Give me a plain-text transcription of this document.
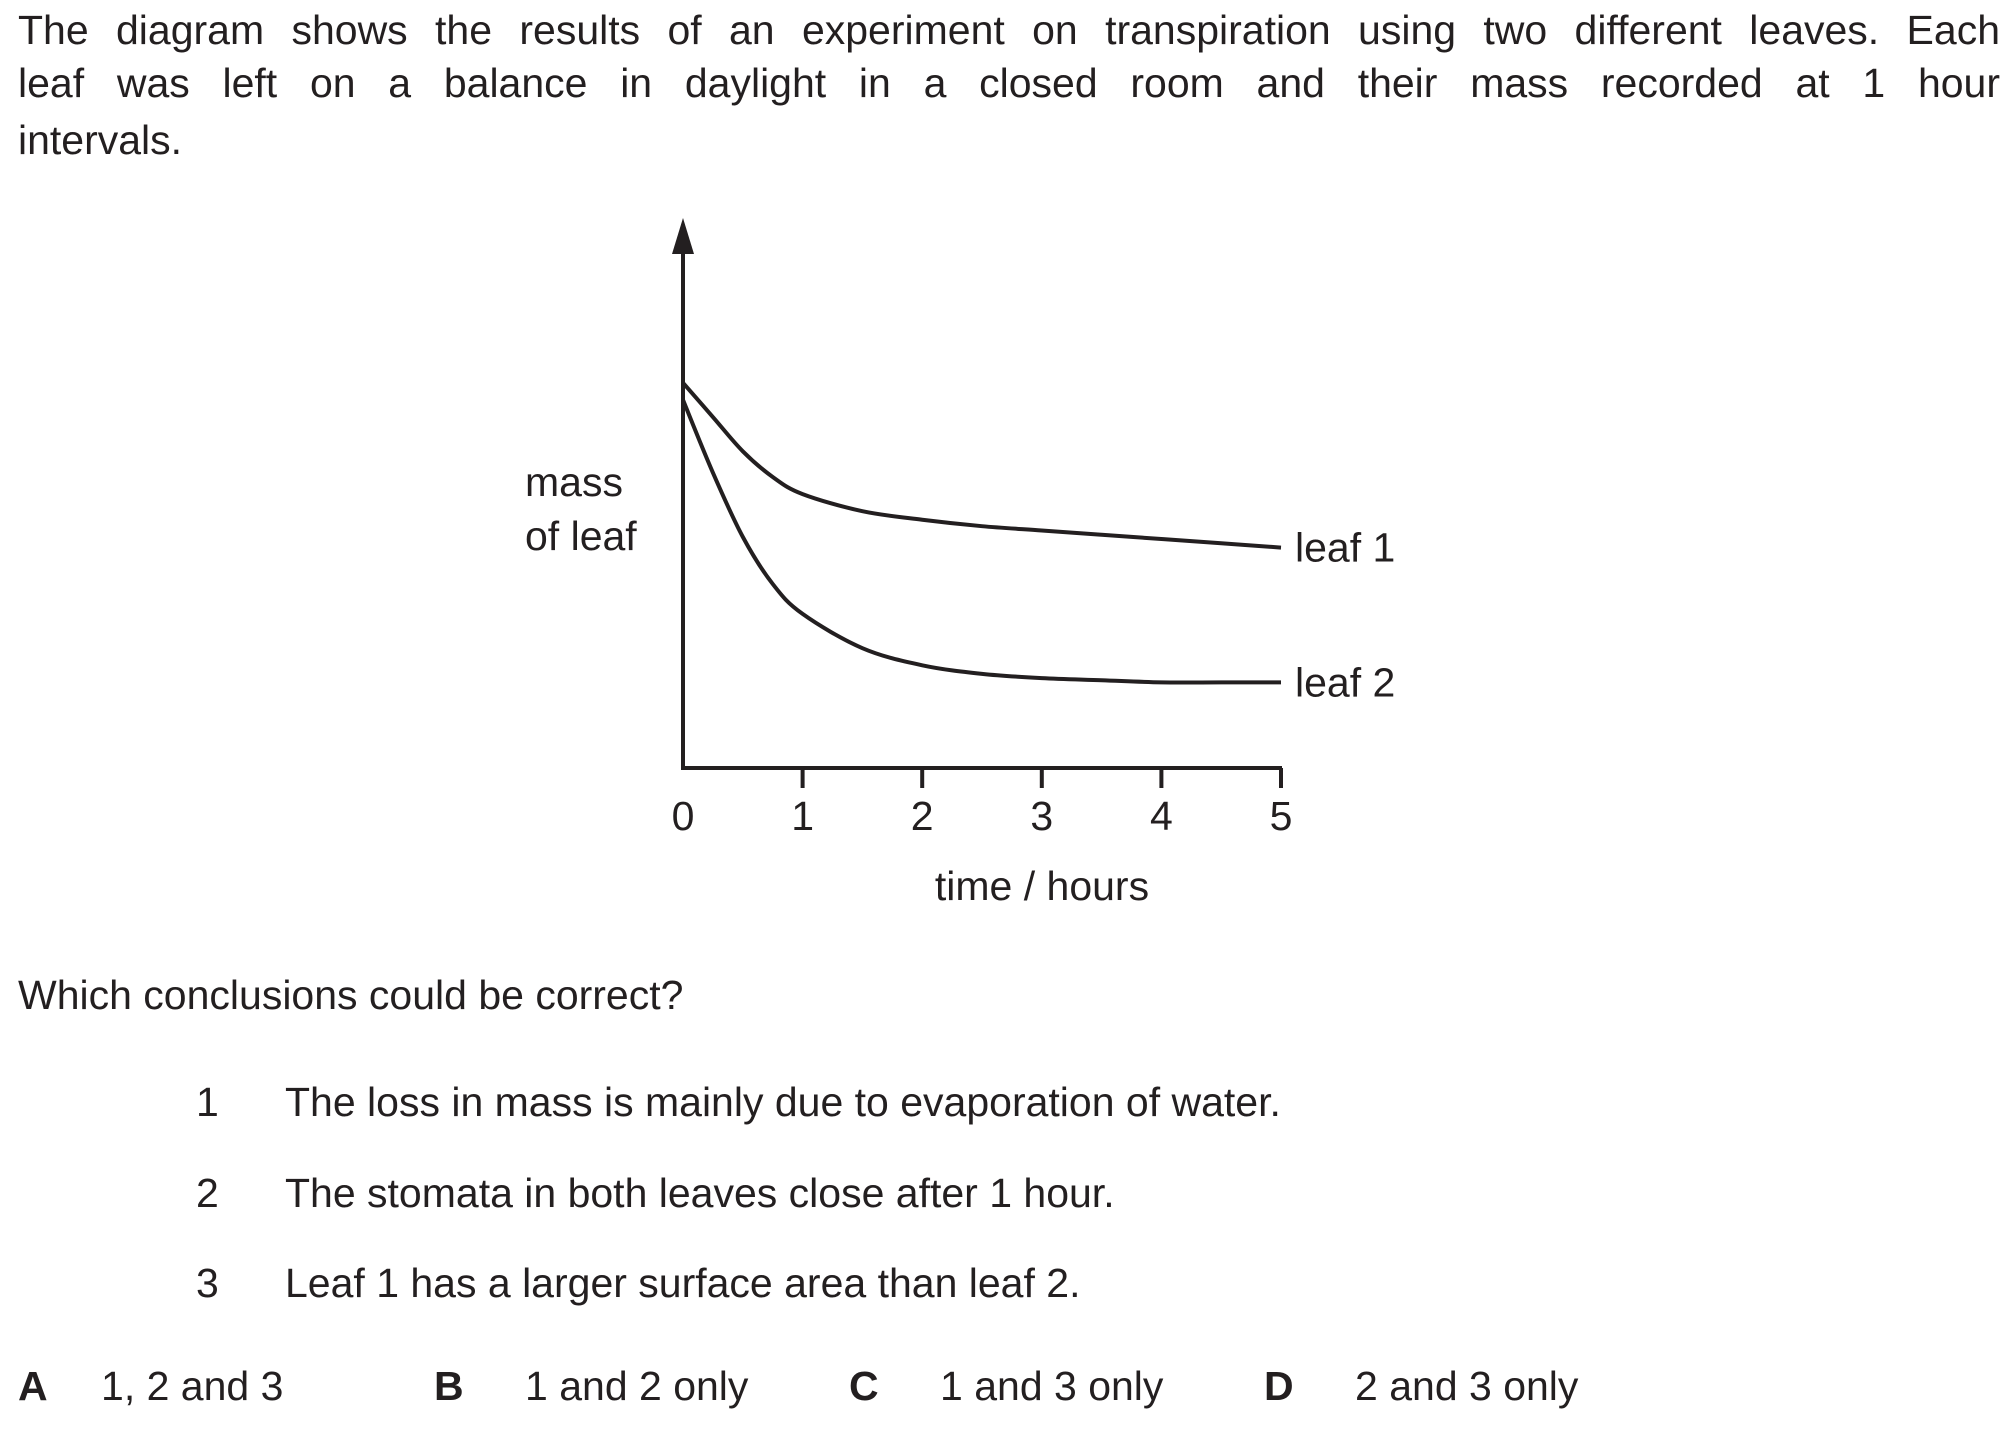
The diagram shows the results of an experiment on transpiration using two different leaves. Each

leaf was left on a balance in daylight in a closed room and their mass recorded at 1 hour

intervals.
0 1 2 3 4 5
leaf 1
leaf 2
mass
of leaf
time / hours
Which conclusions could be correct?
1 The loss in mass is mainly due to evaporation of water.
2 The stomata in both leaves close after 1 hour.
3 Leaf 1 has a larger surface area than leaf 2.
A 1, 2 and 3	B 1 and 2 only C 1 and 3 only D 2 and 3 only
